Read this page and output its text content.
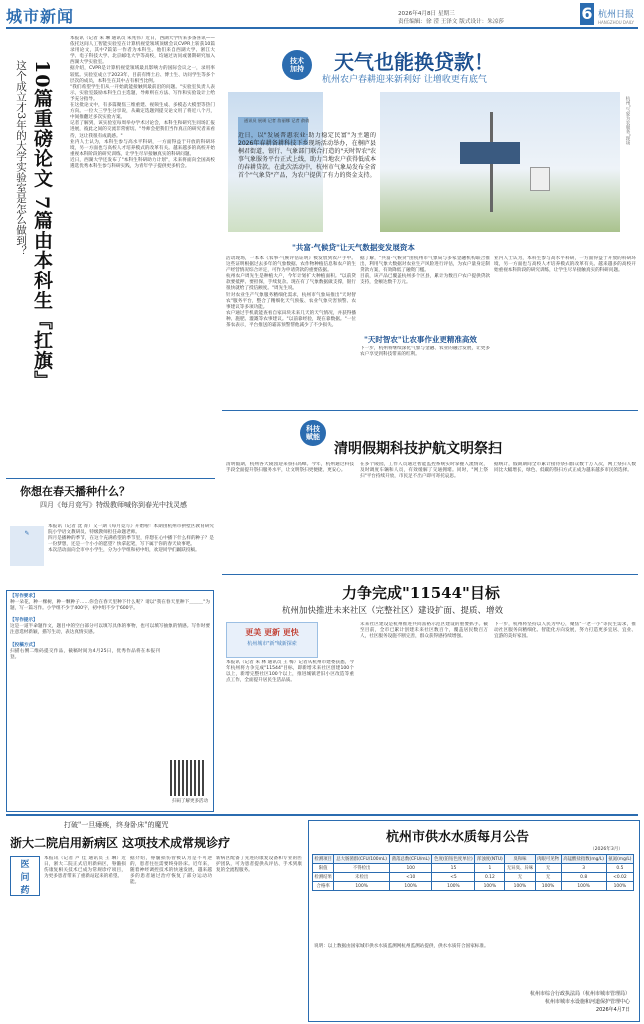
城市新闻	2026年4月8日 星期三
责任编辑：徐 滢 王泽文 版式设计：朱凉莎	6 杭州日报
HANGZHOU DAILY
10篇重磅论文 7篇由本科生『扛旗』
这个成立才3年的大学实验室是怎么做到？

本报讯（记者 朱 琳 通讯员 朱兆伟）近日，西湖大学传来多条喜讯——依托这间人工智能实验室在计算机视觉领域顶级会议CVPR上斩获10篇录用论文，其中7篇第一作者为本科生。他们来自西湖大学、浙江大学、电子科技大学、北京邮电大学等高校，均通过访问或暑期研究加入西湖大学实验室。

据介绍，CVPR是计算机视觉领域最具影响力的国际会议之一，录用率较低。实验室成立于2023年，目前有博士后、博士生、访问学生等多个层次的成员，本科生在其中占有相当比例。

"我们希望学生们从一开始就能接触到最前沿的问题。"实验室负责人表示，实验室鼓励本科生自主选题，导师则在方法、写作和实验设计上给予充分指导。

在这批论文中，有多篇聚焦三维重建、视频生成、多模态大模型等热门方向。一位大三学生分享说，从确定选题到提交论文用了将近八个月，中间推翻过多次实验方案。

记者了解到，该实验室每周举办学术讨论会，本科生和研究生同场汇报进展，彼此之间的交流非常密切。"导师会把我们当作真正的研究者来看待，这让我很有成就感。"

业内人士认为，本科生参与高水平科研，一方面得益于开放的科研环境，另一方面也与高校人才培养模式的改革有关。越来越多的高校开始重视本科阶段的研究训练，让学生尽早接触真实的科研问题。

近日，西湖大学还发布了"本科生科研助力计划"，未来将面向全国高校遴选优秀本科生参与科研实践，为青年学子提供更多机会。

你想在春天播种什么？
四月《每月竞写》特级教师喊你到春光中找灵感
✎

本报讯（记者 沈 菁）又一期《每月竞写》开始啦！本期由杭州市拱墅区教育研究院小学语文教研员、特级教师担任命题老师。

四月是播种的季节，在这个充满希望的季节里，你想在心中播下什么样的种子？是一份梦想，还是一个小小的愿望？快拿起笔，写下属于你的春天故事吧。

本次活动面向全市中小学生，分为小学组和初中组，欢迎同学们踊跃投稿。

【写作要求】

种一朵花，种一棵树，种一颗种子……你会在春天里种下什么呢？请以"我在春天里种下＿＿＿"为题，写一篇习作。小学组不少于400字，初中组不少于600字。

【写作提示】

这是一道半命题作文，题目中的空白部分可以填写具体的事物，也可以填写抽象的情感。写作时要注意选材新颖，描写生动，表达真情实感。

【投稿方式】

扫描右侧二维码提交作品，截稿时间为4月25日，优秀作品将在本报刊登。

扫码了解更多活动
技术加持 天气也能换贷款！
杭州农户春耕迎来新利好 让增收更有底气

通讯员 展瑛 记者 詹丽娜 记者 俞倩

近日，以"发展普惠农业·助力稳定民富"为主题的2026年春耕备耕科技下乡现场活动举办，在桐庐县桐君街道，银行、气象部门联合打造的"天时智农"农事气象服务平台正式上线，助力当地农户获得低成本的春耕贷款。在此次活动中，杭州市气象局发布全省首个"气象贷"产品，为农户提供了有力的资金支持。

杭州"气象为农服务"现场
"共富·气候贷"让天气数据变发展资本

活动现场，一本本《农事·气候评估证明》被发放到农户手中。这些证明根据过去多年的气象数据、农作物种植信息和农户的生产经营情况综合评定，可作为申请贷款的重要依据。

杭州农户周先生是种植大户，今年计划扩大种植面积。"以前贷款要抵押、要担保，手续复杂。现在有了气象数据做支撑，银行很快就给了授信额度。"周先生说。

针对农业生产气象服务精细化需求，杭州市气象局推出"天时智农"服务平台，整合了精细化天气预报、农业气象灾害预警、农事建议等多项功能。

农户通过手机就能查看自家田块未来几天的天气情况，并获得播种、施肥、灌溉等农事建议。"以前靠经验，现在靠数据。"一位茶农表示，平台推送的霜冻预警帮他减少了不少损失。

据了解，"共富·气候贷"由杭州市气象局与多家金融机构联合推出，利用气象大数据对农业生产风险进行评估，为农户量身定制贷款方案，有效降低了融资门槛。

目前，该产品已覆盖杭州多个区县，累计为数百户农户提供贷款支持，金额达数千万元。

"天时智农"让农事作业更精准高效

下一步，杭州将继续深化气象与金融、农业的融合发展，让更多农户享受到科技带来的红利。

业内人士认为，本科生参与高水平科研，一方面得益于开放的科研环境，另一方面也与高校人才培养模式的改革有关。越来越多的高校开始重视本科阶段的研究训练，让学生尽早接触真实的科研问题。

科技赋能
清明假期科技护航文明祭扫

清明假期，杭州各大陵园迎来祭扫高峰。今年，杭州通过科技手段全面提升祭扫服务水平，让文明祭扫更便捷、更安心。

在多个陵园，工作人员通过智能监控系统实时掌握人流情况，及时调度车辆和人员，有效缓解了交通拥堵。同时，"网上祭扫"平台持续开放，市民足不出户即可寄托哀思。

据统计，假期期间全市累计接待祭扫群众数十万人次，网上祭扫人数同比大幅增长，绿色、低碳的祭扫方式正成为越来越多市民的选择。

力争完成"11544"目标
杭州加快推进未来社区（完整社区）建设扩面、提质、增效
更美 更新 更快
杭州城市"新"城新探索

本报讯（记者 朱 林 通讯员 王 梅）记者从杭州市建委获悉，今年杭州将力争完成"11544"目标，即新增未来社区创建100个以上，新增完整社区100个以上，推进城镇老旧小区改造等重点工作，全面提升居民生活品质。

未来社区建设是杭州推进共同富裕示范区建设的重要抓手。截至目前，全市已累计创建未来社区数百个，覆盖居民数百万人，社区服务设施不断完善，群众获得感持续增强。

下一步，杭州将坚持以人民为中心，聚焦"一老一小"等民生需求，推动社区服务向精细化、智能化方向发展，努力打造更多宜居、宜业、宜游的美好家园。

打破"一旦瘫痪，终身卧床"的魔咒
浙大二院启用新病区 这项技术成常规诊疗
医问药

本报讯（记者 卢 佳 通讯员 王 琳）近日，浙大二院正式启用新病区，脊髓损伤康复相关技术已成为常规诊疗项目，为更多患者带来了重新站起来的希望。

据介绍，脊髓损伤曾被认为是不可逆的，患者往往需要终身卧床。近年来，随着神经调控技术的快速发展，越来越多的患者通过治疗恢复了部分运动功能。

新病区配备了先进的康复设备和专业的医护团队，可为患者提供从评估、手术到康复的全流程服务。

杭州市供水水质每月公告
（2026年3月）
检测项目	总大肠菌群(CFU/100mL)	菌落总数(CFU/mL)	色度(铂钴色度单位)	浑浊度(NTU)	臭和味	肉眼可见物	高锰酸盐指数(mg/L)	氨氮(mg/L)
限值	不得检出	100	15	1	无异臭、异味	无	3	0.5
检测结果	未检出	<10	<5	0.12	无	无	0.8	<0.02
合格率	100%	100%	100%	100%	100%	100%	100%	100%
说明：以上数据由国家城市供水水质监测网杭州监测站提供，供水水质符合国家标准。
杭州市综合行政执法局（杭州市城市管理局）
杭州市城市水设施和河道保护管理中心
2026年4月7日
